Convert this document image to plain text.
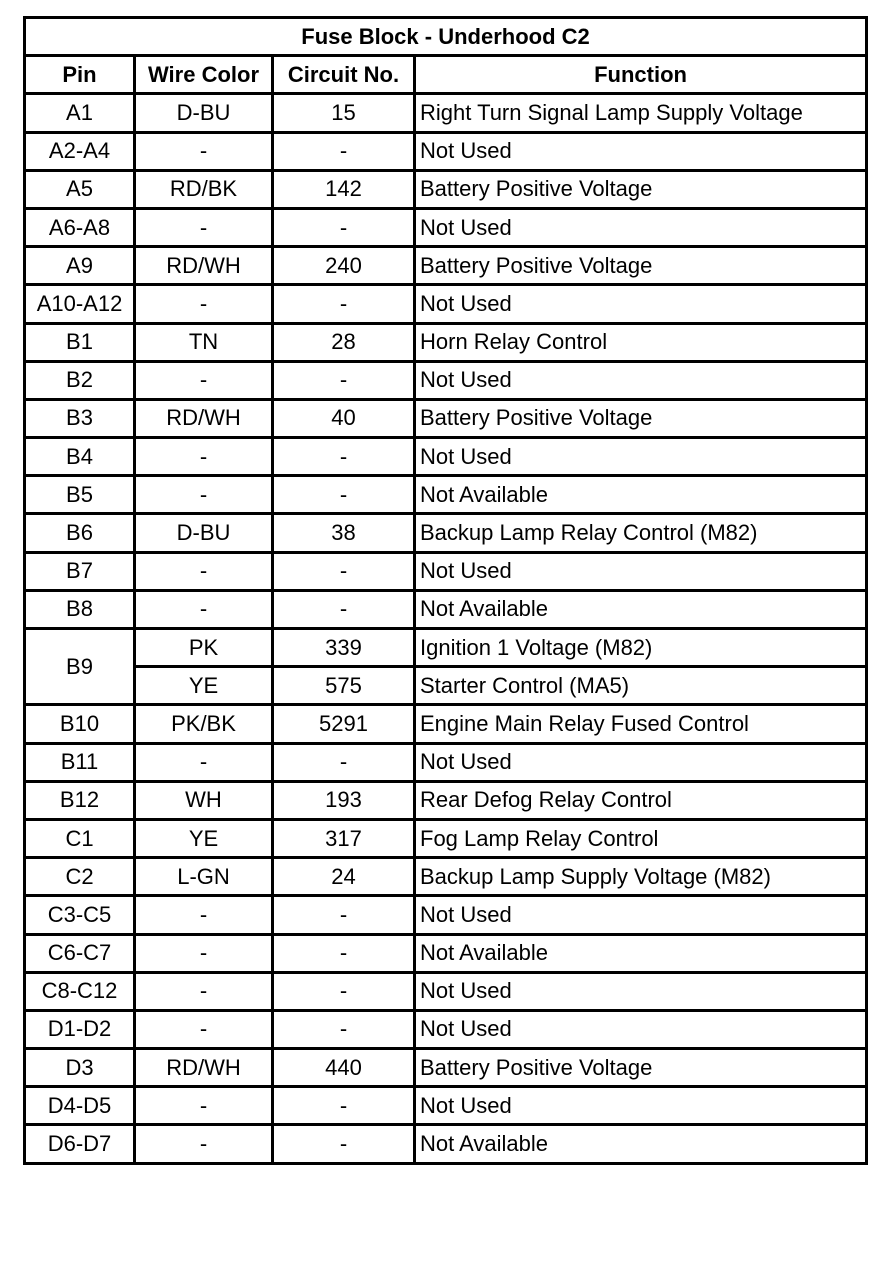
Fuse Block - Underhood C2			
Pin	Wire Color	Circuit No.	Function
A1	D-BU	15	Right Turn Signal Lamp Supply Voltage
A2-A4	-	-	Not Used
A5	RD/BK	142	Battery Positive Voltage
A6-A8	-	-	Not Used
A9	RD/WH	240	Battery Positive Voltage
A10-A12	-	-	Not Used
B1	TN	28	Horn Relay Control
B2	-	-	Not Used
B3	RD/WH	40	Battery Positive Voltage
B4	-	-	Not Used
B5	-	-	Not Available
B6	D-BU	38	Backup Lamp Relay Control (M82)
B7	-	-	Not Used
B8	-	-	Not Available
B9	PK	339	Ignition 1 Voltage (M82)
	YE	575	Starter Control (MA5)
B10	PK/BK	5291	Engine Main Relay Fused Control
B11	-	-	Not Used
B12	WH	193	Rear Defog Relay Control
C1	YE	317	Fog Lamp Relay Control
C2	L-GN	24	Backup Lamp Supply Voltage (M82)
C3-C5	-	-	Not Used
C6-C7	-	-	Not Available
C8-C12	-	-	Not Used
D1-D2	-	-	Not Used
D3	RD/WH	440	Battery Positive Voltage
D4-D5	-	-	Not Used
D6-D7	-	-	Not Available
